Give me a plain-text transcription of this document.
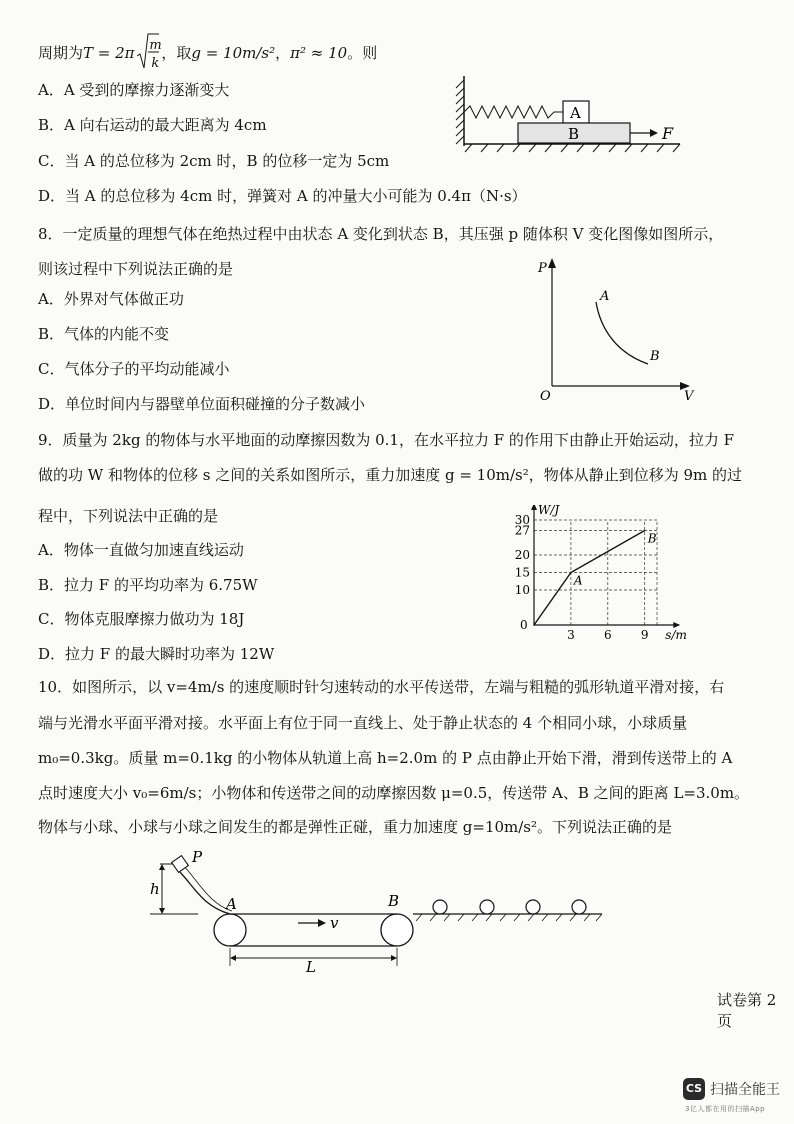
周期为T = 2π m
k
，取g = 10m/s²，π² ≈ 10。则
A．A 受到的摩擦力逐渐变大
B．A 向右运动的最大距离为 4cm
C．当 A 的总位移为 2cm 时，B 的位移一定为 5cm
D．当 A 的总位移为 4cm 时，弹簧对 A 的冲量大小可能为 0.4π（N·s）
A
B	F
8．一定质量的理想气体在绝热过程中由状态 A 变化到状态 B，其压强 p 随体积 V 变化图像如图所示，
则该过程中下列说法正确的是
A．外界对气体做正功
B．气体的内能不变
C．气体分子的平均动能减小
D．单位时间内与器壁单位面积碰撞的分子数减小
P
V
O
A
B
9．质量为 2kg 的物体与水平地面的动摩擦因数为 0.1，在水平拉力 F 的作用下由静止开始运动，拉力 F
做的功 W 和物体的位移 s 之间的关系如图所示，重力加速度 g = 10m/s²，物体从静止到位移为 9m 的过
程中，下列说法中正确的是
A．物体一直做匀加速直线运动
B．拉力 F 的平均功率为 6.75W
C．物体克服摩擦力做功为 18J
D．拉力 F 的最大瞬时功率为 12W
W/J
s/m
0
10
15
20
27
30
3 6 9
A
B
10．如图所示，以 v=4m/s 的速度顺时针匀速转动的水平传送带，左端与粗糙的弧形轨道平滑对接，右
端与光滑水平面平滑对接。水平面上有位于同一直线上、处于静止状态的 4 个相同小球，小球质量
m₀=0.3kg。质量 m=0.1kg 的小物体从轨道上高 h=2.0m 的 P 点由静止开始下滑，滑到传送带上的 A
点时速度大小 v₀=6m/s；小物体和传送带之间的动摩擦因数 μ=0.5，传送带 A、B 之间的距离 L=3.0m。
物体与小球、小球与小球之间发生的都是弹性正碰，重力加速度 g=10m/s²。下列说法正确的是
h
P
A
v
B
L
试卷第 2 页
CS 扫描全能王
3亿人都在用的扫描App
